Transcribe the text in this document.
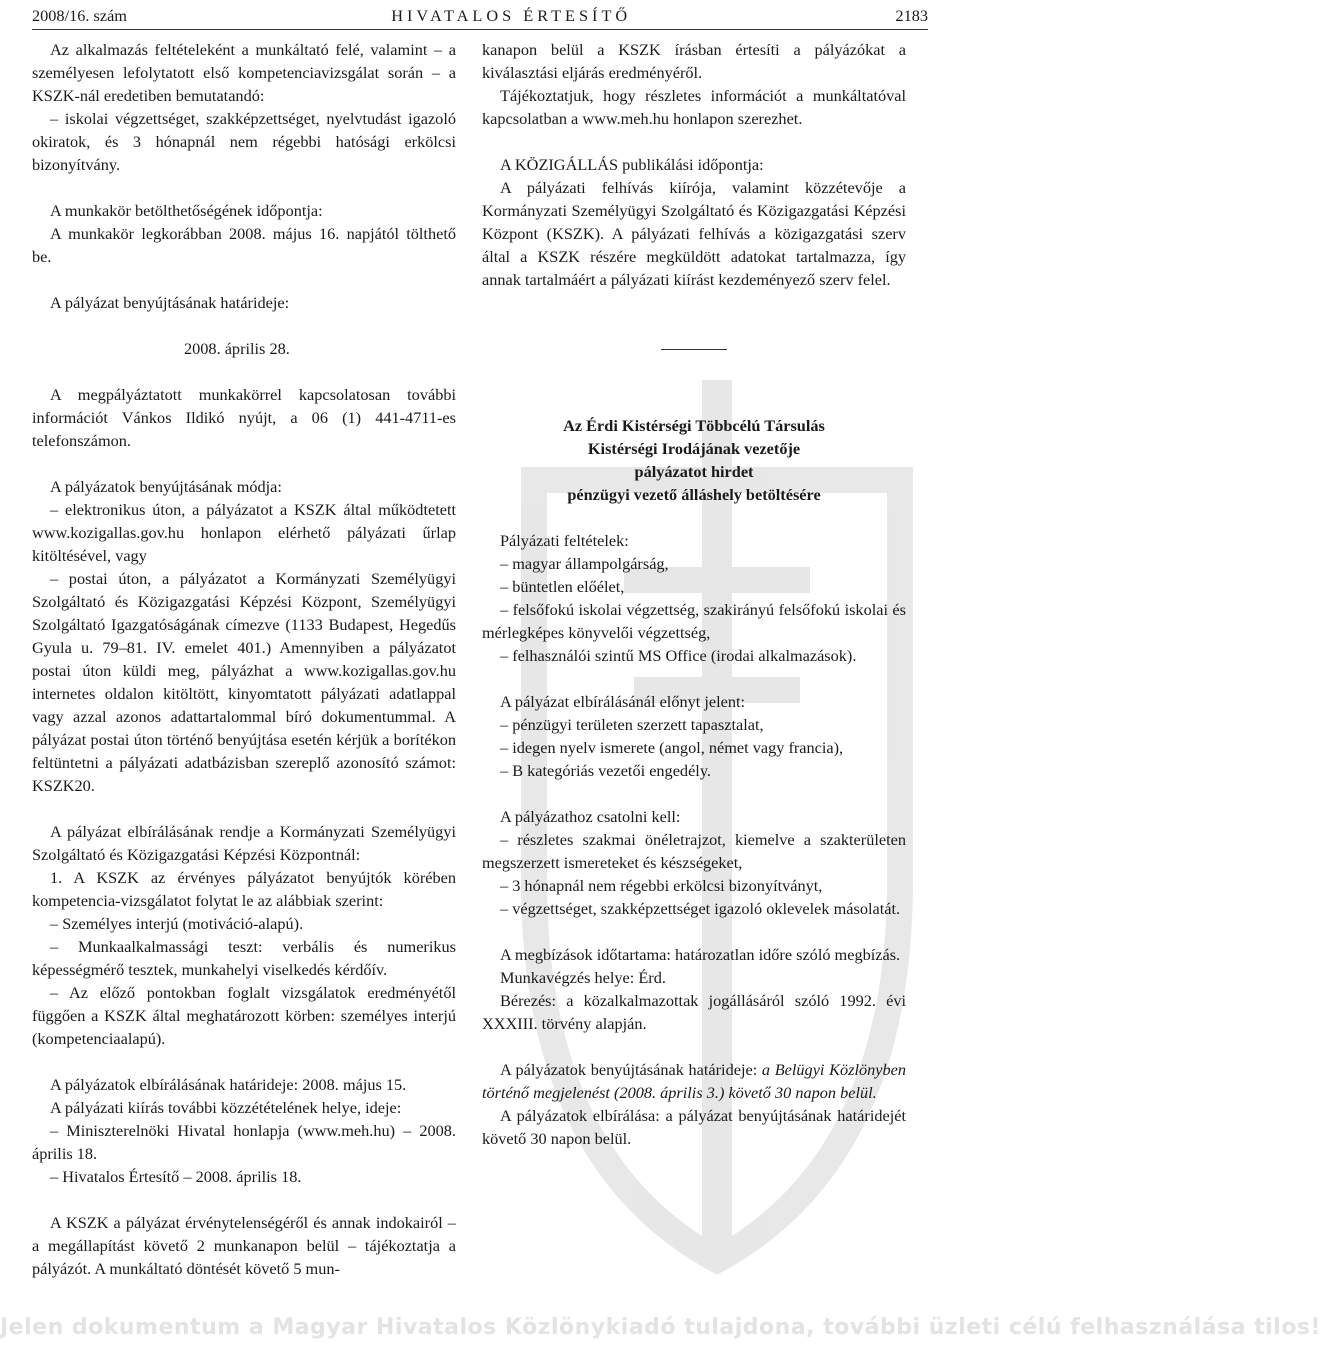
2008/16. szám	HIVATALOS ÉRTESÍTŐ	2183

Az alkalmazás feltételeként a munkáltató felé, valamint – a személyesen lefolytatott első kompetenciavizsgálat során – a KSZK-nál eredetiben bemutatandó:

– iskolai végzettséget, szakképzettséget, nyelvtudást igazoló okiratok, és 3 hónapnál nem régebbi hatósági erkölcsi bizonyítvány.

A munkakör betölthetőségének időpontja:

A munkakör legkorábban 2008. május 16. napjától tölthető be.

A pályázat benyújtásának határideje:

2008. április 28.

A megpályáztatott munkakörrel kapcsolatosan további információt Vánkos Ildikó nyújt, a 06 (1) 441-4711-es telefonszámon.

A pályázatok benyújtásának módja:

– elektronikus úton, a pályázatot a KSZK által működtetett www.kozigallas.gov.hu honlapon elérhető pályázati űrlap kitöltésével, vagy

– postai úton, a pályázatot a Kormányzati Személyügyi Szolgáltató és Közigazgatási Képzési Központ, Személyügyi Szolgáltató Igazgatóságának címezve (1133 Budapest, Hegedűs Gyula u. 79–81. IV. emelet 401.) Amennyiben a pályázatot postai úton küldi meg, pályázhat a www.kozigallas.gov.hu internetes oldalon kitöltött, kinyomtatott pályázati adatlappal vagy azzal azonos adattartalommal bíró dokumentummal. A pályázat postai úton történő benyújtása esetén kérjük a borítékon feltüntetni a pályázati adatbázisban szereplő azonosító számot: KSZK20.

A pályázat elbírálásának rendje a Kormányzati Személyügyi Szolgáltató és Közigazgatási Képzési Központnál:

1. A KSZK az érvényes pályázatot benyújtók körében kompetencia-vizsgálatot folytat le az alábbiak szerint:

– Személyes interjú (motiváció-alapú).

– Munkaalkalmassági teszt: verbális és numerikus képességmérő tesztek, munkahelyi viselkedés kérdőív.

– Az előző pontokban foglalt vizsgálatok eredményétől függően a KSZK által meghatározott körben: személyes interjú (kompetenciaalapú).

A pályázatok elbírálásának határideje: 2008. május 15.

A pályázati kiírás további közzétételének helye, ideje:

– Miniszterelnöki Hivatal honlapja (www.meh.hu) – 2008. április 18.

– Hivatalos Értesítő – 2008. április 18.

A KSZK a pályázat érvénytelenségéről és annak indokairól – a megállapítást követő 2 munkanapon belül – tájékoztatja a pályázót. A munkáltató döntését követő 5 mun-

kanapon belül a KSZK írásban értesíti a pályázókat a kiválasztási eljárás eredményéről.

Tájékoztatjuk, hogy részletes információt a munkáltatóval kapcsolatban a www.meh.hu honlapon szerezhet.

A KÖZIGÁLLÁS publikálási időpontja:

A pályázati felhívás kiírója, valamint közzétevője a Kormányzati Személyügyi Szolgáltató és Közigazgatási Képzési Központ (KSZK). A pályázati felhívás a közigazgatási szerv által a KSZK részére megküldött adatokat tartalmazza, így annak tartalmáért a pályázati kiírást kezdeményező szerv felel.

Az Érdi Kistérségi Többcélú Társulás

Kistérségi Irodájának vezetője

pályázatot hirdet

pénzügyi vezető álláshely betöltésére

Pályázati feltételek:

– magyar állampolgárság,

– büntetlen előélet,

– felsőfokú iskolai végzettség, szakirányú felsőfokú iskolai és mérlegképes könyvelői végzettség,

– felhasználói szintű MS Office (irodai alkalmazások).

A pályázat elbírálásánál előnyt jelent:

– pénzügyi területen szerzett tapasztalat,

– idegen nyelv ismerete (angol, német vagy francia),

– B kategóriás vezetői engedély.

A pályázathoz csatolni kell:

– részletes szakmai önéletrajzot, kiemelve a szakterületen megszerzett ismereteket és készségeket,

– 3 hónapnál nem régebbi erkölcsi bizonyítványt,

– végzettséget, szakképzettséget igazoló oklevelek másolatát.

A megbízások időtartama: határozatlan időre szóló megbízás.

Munkavégzés helye: Érd.

Bérezés: a közalkalmazottak jogállásáról szóló 1992. évi XXXIII. törvény alapján.

A pályázatok benyújtásának határideje: a Belügyi Közlönyben történő megjelenést (2008. április 3.) követő 30 napon belül.

A pályázatok elbírálása: a pályázat benyújtásának határidejét követő 30 napon belül.

Jelen dokumentum a Magyar Hivatalos Közlönykiadó tulajdona, további üzleti célú felhasználása tilos!
